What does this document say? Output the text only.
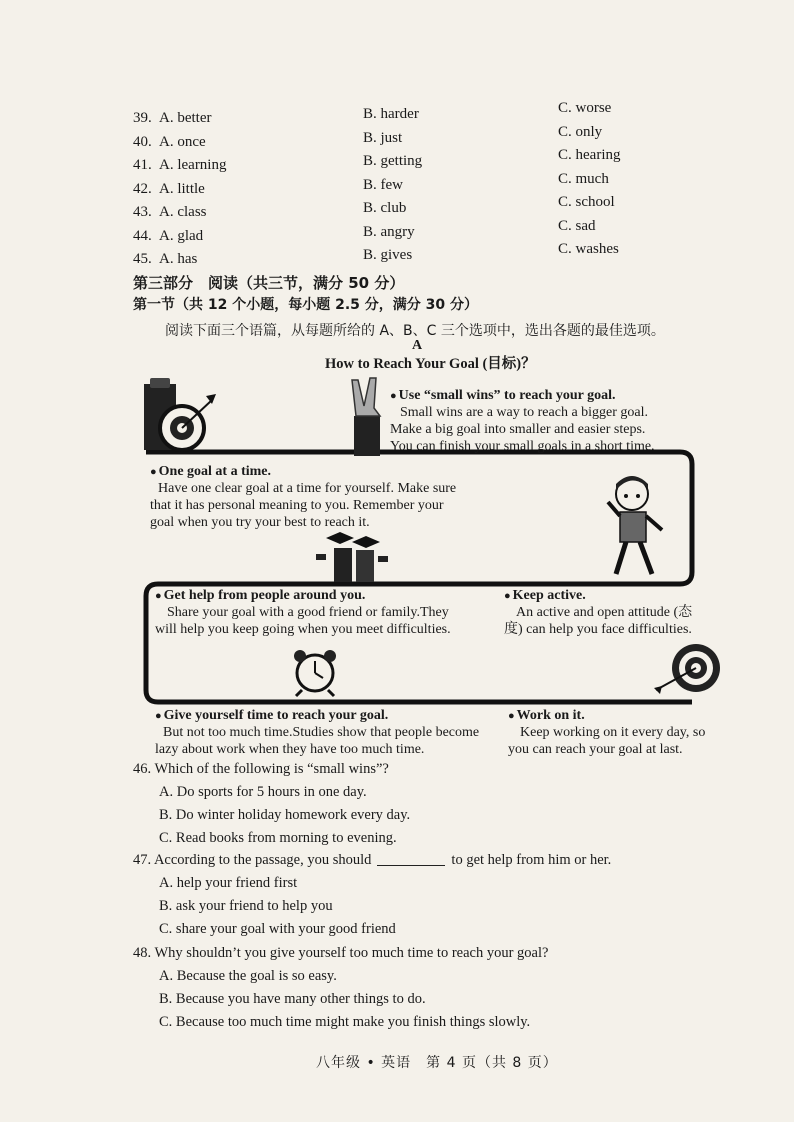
39. A. better	B. harder	C. worse
40. A. once	B. just	C. only
41. A. learning	B. getting	C. hearing
42. A. little	B. few	C. much
43. A. class	B. club	C. school
44. A. glad	B. angry	C. sad
45. A. has	B. gives	C. washes
第三部分　阅读（共三节，满分 50 分）
第一节（共 12 个小题，每小题 2.5 分，满分 30 分）
阅读下面三个语篇，从每题所给的 A、B、C 三个选项中，选出各题的最佳选项。
A
How to Reach Your Goal (目标)？
● Use “small wins” to reach your goal.
Small wins are a way to reach a bigger goal.
Make a big goal into smaller and easier steps.
You can finish your small goals in a short time.
● One goal at a time.
Have one clear goal at a time for yourself. Make sure
that it has personal meaning to you. Remember your
goal when you try your best to reach it.
● Get help from people around you.
Share your goal with a good friend or family.They
will help you keep going when you meet difficulties.
● Keep active.
An active and open attitude (态
度) can help you face difficulties.
● Give yourself time to reach your goal.
But not too much time.Studies show that people become
lazy about work when they have too much time.
● Work on it.
Keep working on it every day, so
you can reach your goal at last.
46. Which of the following is “small wins”?
A. Do sports for 5 hours in one day.
B. Do winter holiday homework every day.
C. Read books from morning to evening.
47. According to the passage, you should	to get help from him or her.
A. help your friend first
B. ask your friend to help you
C. share your goal with your good friend
48. Why shouldn’t you give yourself too much time to reach your goal?
A. Because the goal is so easy.
B. Because you have many other things to do.
C. Because too much time might make you finish things slowly.
八年级 • 英语　第 4 页（共 8 页）
